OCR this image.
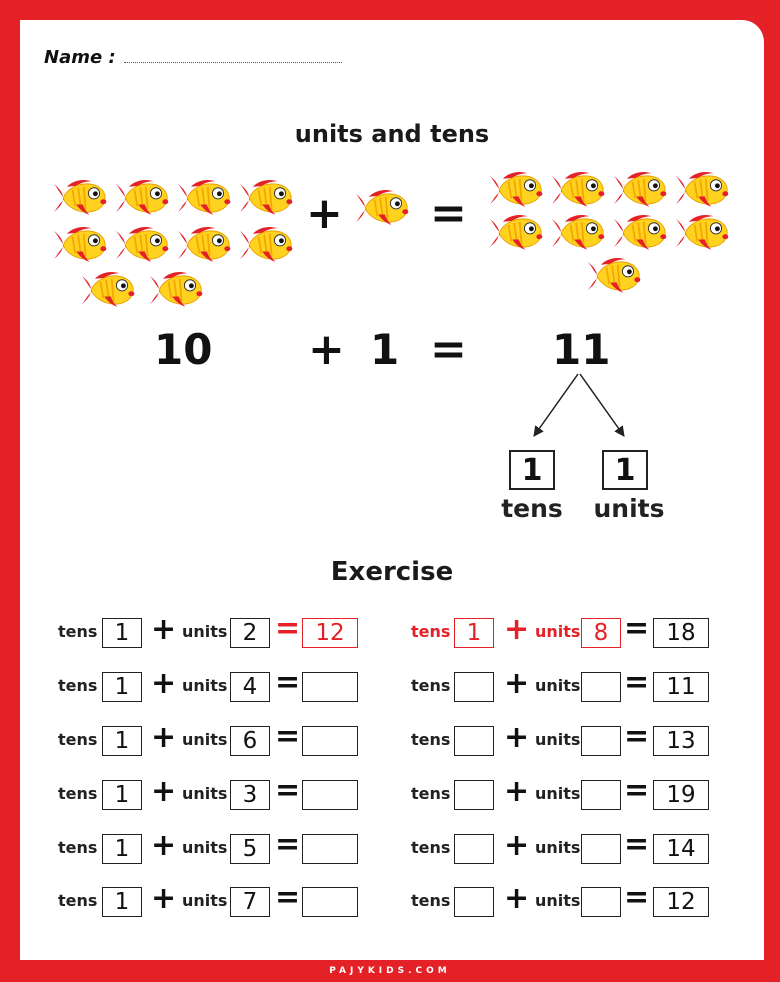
Name :
units and tens
+ =
10 + 1 = 11
1	1
tens units
Exercise
tens 1 + units 2 = 12
tens 1 + units 4 =
tens 1 + units 6 =
tens 1 + units 3 =
tens 1 + units 5 =
tens 1 + units 7 =
tens 1 + units 8 = 18
tens + units = 11
tens + units = 13
tens + units = 19
tens + units = 14
tens + units = 12
PAJYKIDS.COM
